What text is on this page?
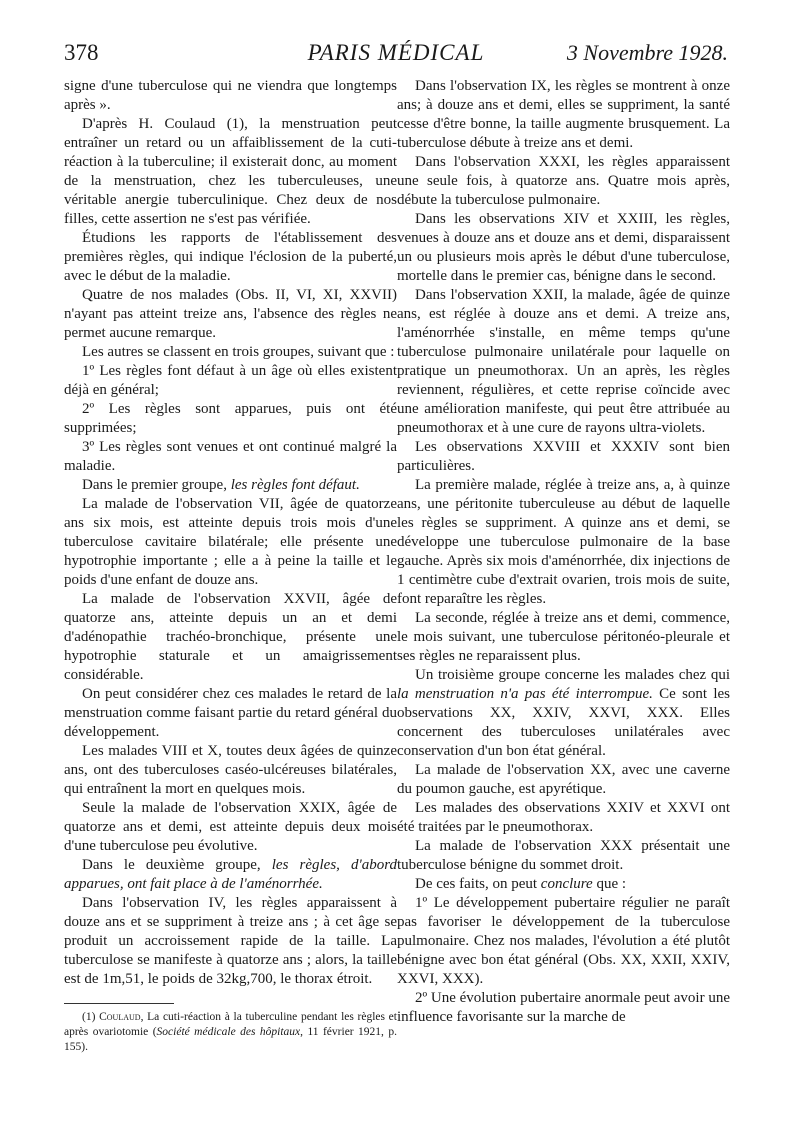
378	PARIS MÉDICAL	3 Novembre 1928.

signe d'une tuberculose qui ne viendra que longtemps après ».

D'après H. Coulaud (1), la menstruation peut entraîner un retard ou un affaiblissement de la cuti-réaction à la tuberculine; il existerait donc, au moment de la menstruation, chez les tuberculeuses, une véritable anergie tuberculinique. Chez deux de nos filles, cette assertion ne s'est pas vérifiée.

Étudions les rapports de l'établissement des premières règles, qui indique l'éclosion de la puberté, avec le début de la maladie.

Quatre de nos malades (Obs. II, VI, XI, XXVII) n'ayant pas atteint treize ans, l'absence des règles ne permet aucune remarque.

Les autres se classent en trois groupes, suivant que :

1º Les règles font défaut à un âge où elles existent déjà en général;

2º Les règles sont apparues, puis ont été supprimées;

3º Les règles sont venues et ont continué malgré la maladie.

Dans le premier groupe, les règles font défaut.

La malade de l'observation VII, âgée de quatorze ans six mois, est atteinte depuis trois mois d'une tuberculose cavitaire bilatérale; elle présente une hypotrophie importante ; elle a à peine la taille et le poids d'une enfant de douze ans.

La malade de l'observation XXVII, âgée de quatorze ans, atteinte depuis un an et demi d'adénopathie trachéo-bronchique, présente une hypotrophie staturale et un amaigrissement considérable.

On peut considérer chez ces malades le retard de la menstruation comme faisant partie du retard général du développement.

Les malades VIII et X, toutes deux âgées de quinze ans, ont des tuberculoses caséo-ulcéreuses bilatérales, qui entraînent la mort en quelques mois.

Seule la malade de l'observation XXIX, âgée de quatorze ans et demi, est atteinte depuis deux mois d'une tuberculose peu évolutive.

Dans le deuxième groupe, les règles, d'abord apparues, ont fait place à de l'aménorrhée.

Dans l'observation IV, les règles apparaissent à douze ans et se suppriment à treize ans ; à cet âge se produit un accroissement rapide de la taille. La tuberculose se manifeste à quatorze ans ; alors, la taille est de 1m,51, le poids de 32kg,700, le thorax étroit.

(1) Coulaud, La cuti-réaction à la tuberculine pendant les règles et après ovariotomie (Société médicale des hôpitaux, 11 février 1921, p. 155).

Dans l'observation IX, les règles se montrent à onze ans; à douze ans et demi, elles se suppriment, la santé cesse d'être bonne, la taille augmente brusquement. La tuberculose débute à treize ans et demi.

Dans l'observation XXXI, les règles apparaissent une seule fois, à quatorze ans. Quatre mois après, débute la tuberculose pulmonaire.

Dans les observations XIV et XXIII, les règles, venues à douze ans et douze ans et demi, disparaissent un ou plusieurs mois après le début d'une tuberculose, mortelle dans le premier cas, bénigne dans le second.

Dans l'observation XXII, la malade, âgée de quinze ans, est réglée à douze ans et demi. A treize ans, l'aménorrhée s'installe, en même temps qu'une tuberculose pulmonaire unilatérale pour laquelle on pratique un pneumothorax. Un an après, les règles reviennent, régulières, et cette reprise coïncide avec une amélioration manifeste, qui peut être attribuée au pneumothorax et à une cure de rayons ultra-violets.

Les observations XXVIII et XXXIV sont bien particulières.

La première malade, réglée à treize ans, a, à quinze ans, une péritonite tuberculeuse au début de laquelle les règles se suppriment. A quinze ans et demi, se développe une tuberculose pulmonaire de la base gauche. Après six mois d'aménorrhée, dix injections de 1 centimètre cube d'extrait ovarien, trois mois de suite, font reparaître les règles.

La seconde, réglée à treize ans et demi, commence, le mois suivant, une tuberculose péritonéo-pleurale et ses règles ne reparaissent plus.

Un troisième groupe concerne les malades chez qui la menstruation n'a pas été interrompue. Ce sont les observations XX, XXIV, XXVI, XXX. Elles concernent des tuberculoses unilatérales avec conservation d'un bon état général.

La malade de l'observation XX, avec une caverne du poumon gauche, est apyrétique.

Les malades des observations XXIV et XXVI ont été traitées par le pneumothorax.

La malade de l'observation XXX présentait une tuberculose bénigne du sommet droit.

De ces faits, on peut conclure que :

1º Le développement pubertaire régulier ne paraît pas favoriser le développement de la tuberculose pulmonaire. Chez nos malades, l'évolution a été plutôt bénigne avec bon état général (Obs. XX, XXII, XXIV, XXVI, XXX).

2º Une évolution pubertaire anormale peut avoir une influence favorisante sur la marche de
